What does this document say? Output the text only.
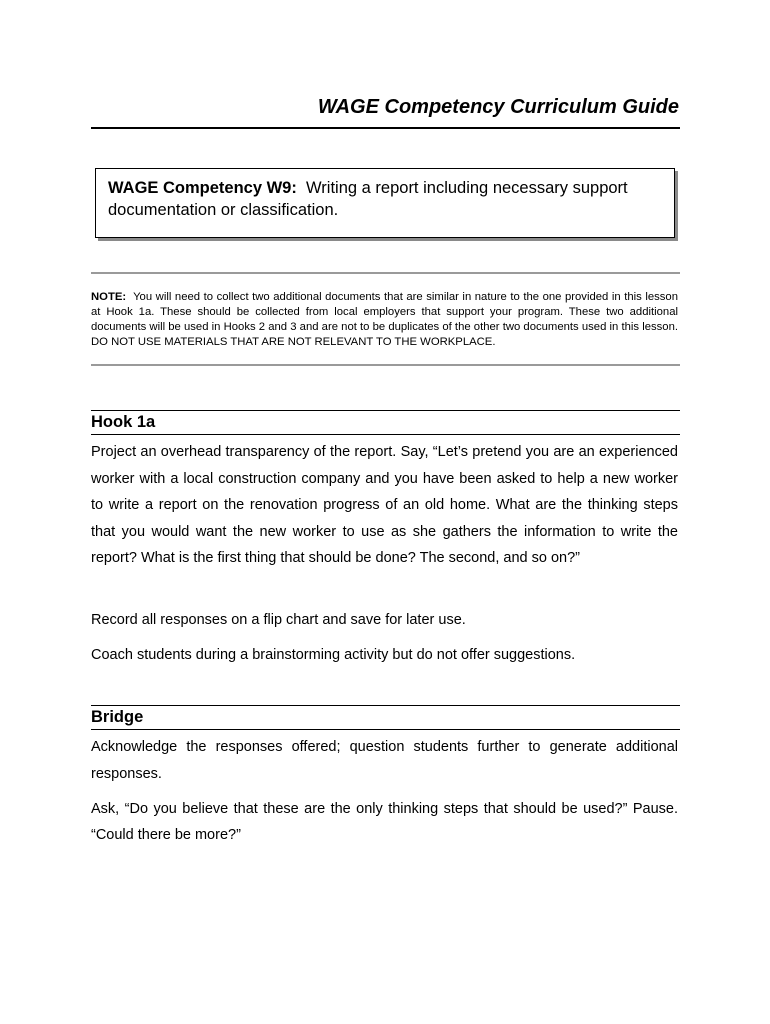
WAGE Competency Curriculum Guide
WAGE Competency W9: Writing a report including necessary support documentation or classification.
NOTE: You will need to collect two additional documents that are similar in nature to the one provided in this lesson at Hook 1a. These should be collected from local employers that support your program. These two additional documents will be used in Hooks 2 and 3 and are not to be duplicates of the other two documents used in this lesson. DO NOT USE MATERIALS THAT ARE NOT RELEVANT TO THE WORKPLACE.
Hook 1a
Project an overhead transparency of the report. Say, “Let’s pretend you are an experienced worker with a local construction company and you have been asked to help a new worker to write a report on the renovation progress of an old home. What are the thinking steps that you would want the new worker to use as she gathers the information to write the report? What is the first thing that should be done? The second, and so on?”
Record all responses on a flip chart and save for later use.
Coach students during a brainstorming activity but do not offer suggestions.
Bridge
Acknowledge the responses offered; question students further to generate additional responses.
Ask, “Do you believe that these are the only thinking steps that should be used?” Pause. “Could there be more?”
